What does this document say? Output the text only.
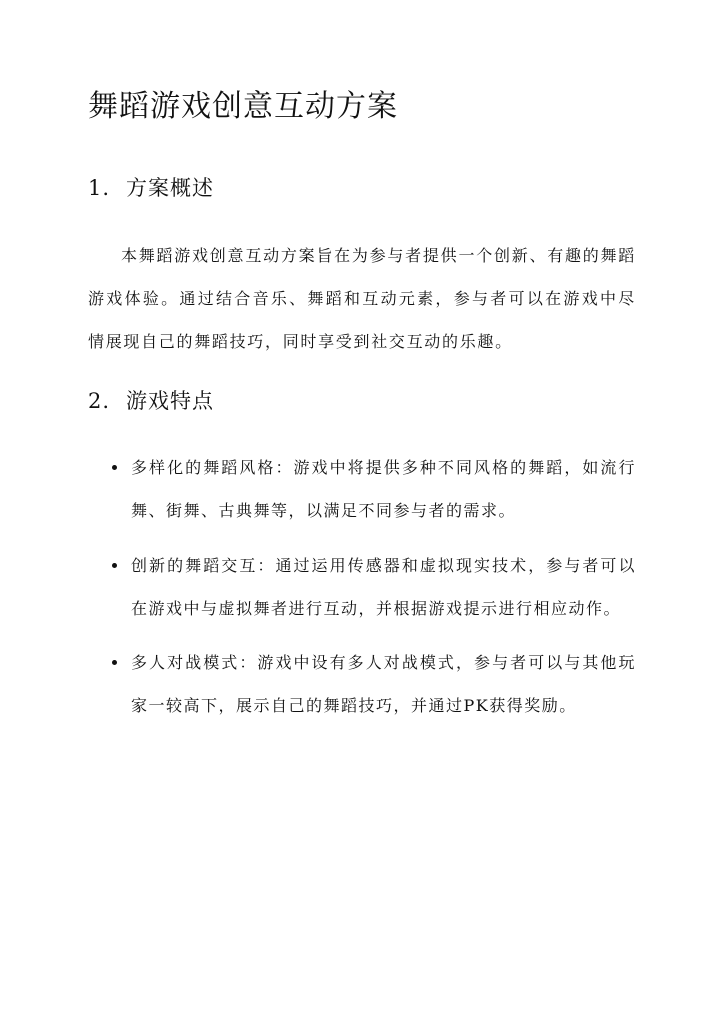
舞蹈游戏创意互动方案
1. 方案概述

本舞蹈游戏创意互动方案旨在为参与者提供一个创新、有趣的舞蹈游戏体验。通过结合音乐、舞蹈和互动元素，参与者可以在游戏中尽情展现自己的舞蹈技巧，同时享受到社交互动的乐趣。

2. 游戏特点
多样化的舞蹈风格：游戏中将提供多种不同风格的舞蹈，如流行舞、街舞、古典舞等，以满足不同参与者的需求。
创新的舞蹈交互：通过运用传感器和虚拟现实技术，参与者可以在游戏中与虚拟舞者进行互动，并根据游戏提示进行相应动作。
多人对战模式：游戏中设有多人对战模式，参与者可以与其他玩家一较高下，展示自己的舞蹈技巧，并通过PK获得奖励。
